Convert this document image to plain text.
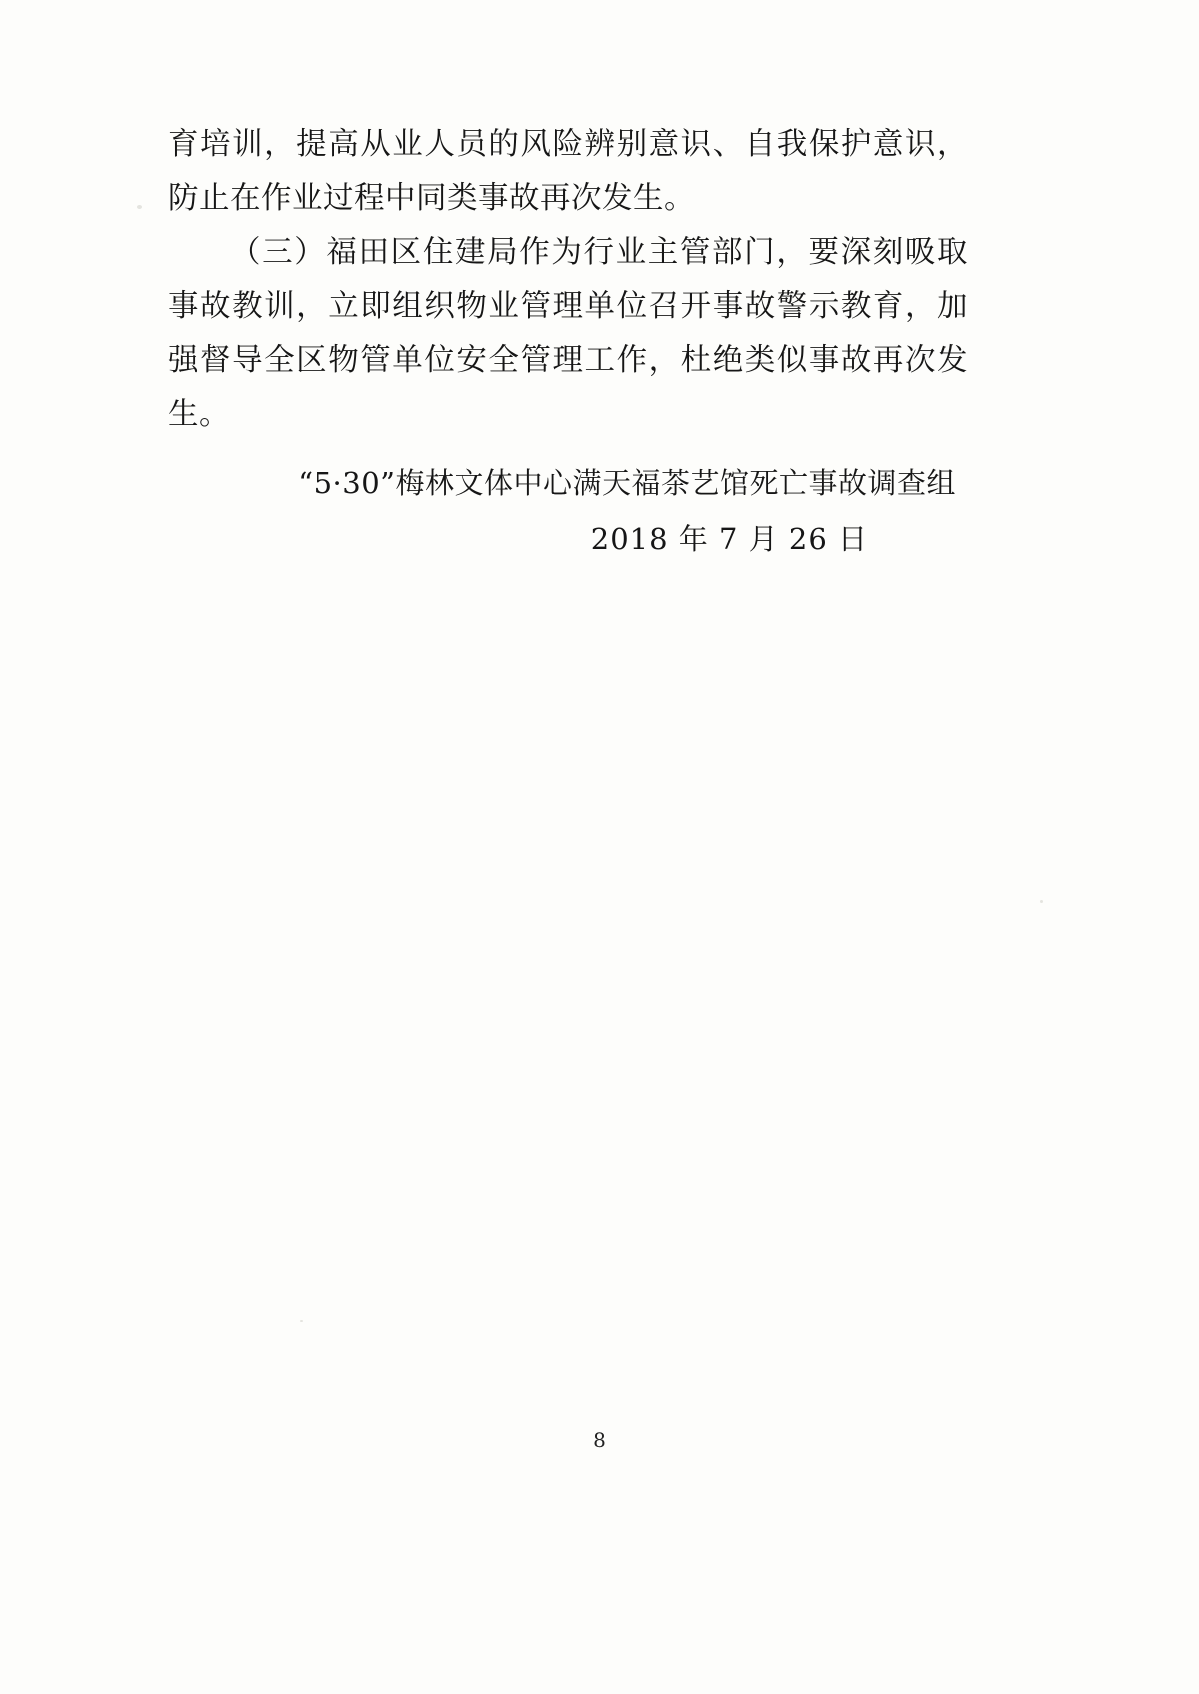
育培训，提高从业人员的风险辨别意识、自我保护意识，防止在作业过程中同类事故再次发生。

（三）福田区住建局作为行业主管部门，要深刻吸取事故教训，立即组织物业管理单位召开事故警示教育，加强督导全区物管单位安全管理工作，杜绝类似事故再次发生。

“5·30”梅林文体中心满天福茶艺馆死亡事故调查组
2018 年 7 月 26 日
8
